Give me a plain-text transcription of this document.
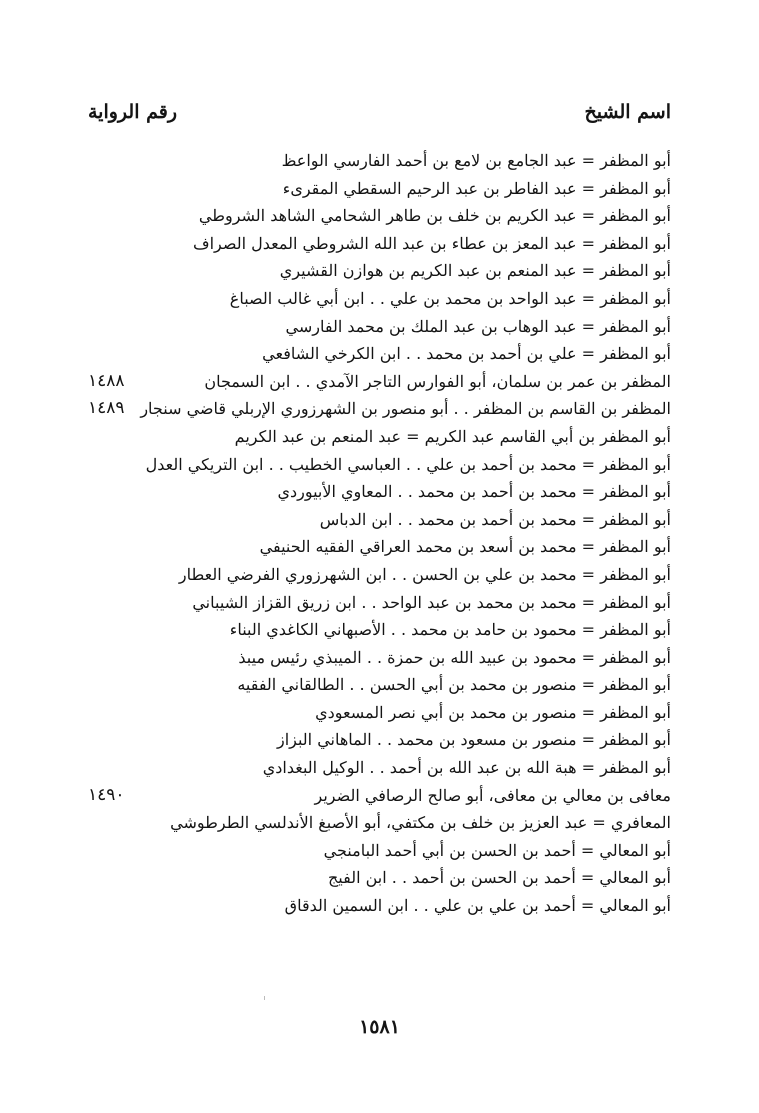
اسم الشيخ
رقم الرواية
أبو المظفر = عبد الجامع بن لامع بن أحمد الفارسي الواعظ
أبو المظفر = عبد الفاطر بن عبد الرحيم السقطي المقرىء
أبو المظفر = عبد الكريم بن خلف بن طاهر الشحامي الشاهد الشروطي
أبو المظفر = عبد المعز بن عطاء بن عبد الله الشروطي المعدل الصراف
أبو المظفر = عبد المنعم بن عبد الكريم بن هوازن القشيري
أبو المظفر = عبد الواحد بن محمد بن علي . . ابن أبي غالب الصباغ
أبو المظفر = عبد الوهاب بن عبد الملك بن محمد الفارسي
أبو المظفر = علي بن أحمد بن محمد . . ابن الكرخي الشافعي
المظفر بن عمر بن سلمان، أبو الفوارس التاجر الآمدي . . ابن السمجان
١٤٨٨
المظفر بن القاسم بن المظفر . . أبو منصور بن الشهرزوري الإربلي قاضي سنجار
١٤٨٩
أبو المظفر بن أبي القاسم عبد الكريم = عبد المنعم بن عبد الكريم
أبو المظفر = محمد بن أحمد بن علي . . العباسي الخطيب . . ابن التريكي العدل
أبو المظفر = محمد بن أحمد بن محمد . . المعاوي الأبيوردي
أبو المظفر = محمد بن أحمد بن محمد . . ابن الدباس
أبو المظفر = محمد بن أسعد بن محمد العراقي الفقيه الحنيفي
أبو المظفر = محمد بن علي بن الحسن . . ابن الشهرزوري الفرضي العطار
أبو المظفر = محمد بن محمد بن عبد الواحد . . ابن زريق القزاز الشيباني
أبو المظفر = محمود بن حامد بن محمد . . الأصبهاني الكاغدي البناء
أبو المظفر = محمود بن عبيد الله بن حمزة . . الميبذي رئيس ميبذ
أبو المظفر = منصور بن محمد بن أبي الحسن . . الطالقاني الفقيه
أبو المظفر = منصور بن محمد بن أبي نصر المسعودي
أبو المظفر = منصور بن مسعود بن محمد . . الماهاني البزاز
أبو المظفر = هبة الله بن عبد الله بن أحمد . . الوكيل البغدادي
معافى بن معالي بن معافى، أبو صالح الرصافي الضرير
١٤٩٠
المعافري = عبد العزيز بن خلف بن مكتفي، أبو الأصبغ الأندلسي الطرطوشي
أبو المعالي = أحمد بن الحسن بن أبي أحمد البامنجي
أبو المعالي = أحمد بن الحسن بن أحمد . . ابن الفيج
أبو المعالي = أحمد بن علي بن علي . . ابن السمين الدقاق
١٥٨١
